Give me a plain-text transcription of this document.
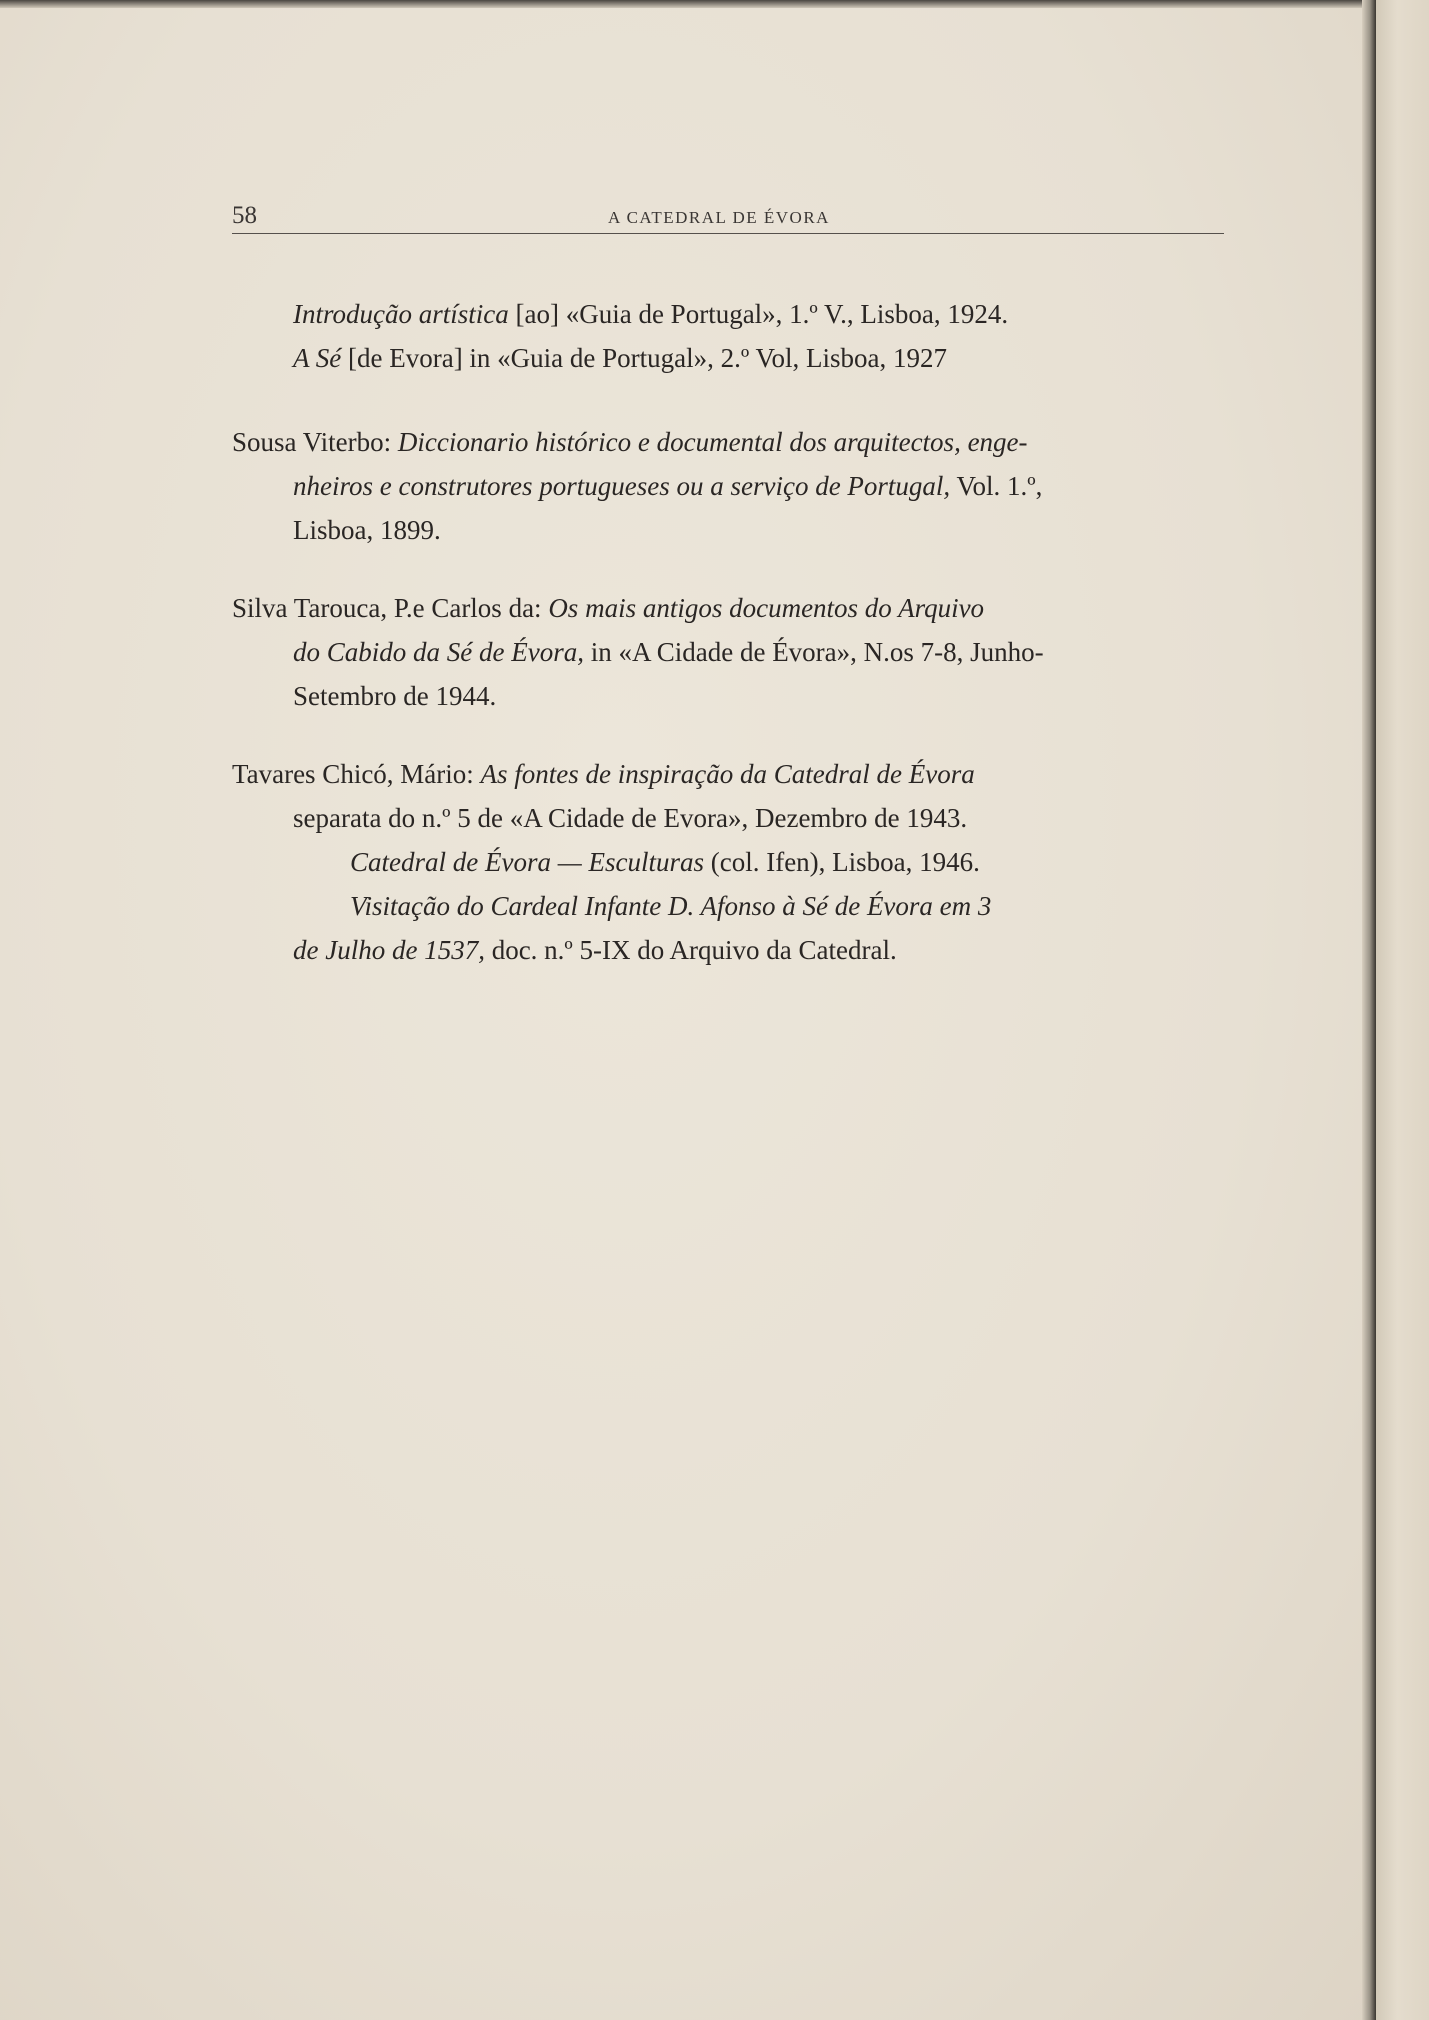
58	A CATEDRAL DE ÉVORA
Introdução artística [ao] «Guia de Portugal», 1.º V., Lisboa, 1924.
A Sé [de Evora] in «Guia de Portugal», 2.º Vol, Lisboa, 1927
Sousa Viterbo: Diccionario histórico e documental dos arquitectos, enge-
nheiros e construtores portugueses ou a serviço de Portugal, Vol. 1.º,
Lisboa, 1899.
Silva Tarouca, P.e Carlos da: Os mais antigos documentos do Arquivo
do Cabido da Sé de Évora, in «A Cidade de Évora», N.os 7-8, Junho-
Setembro de 1944.
Tavares Chicó, Mário: As fontes de inspiração da Catedral de Évora
separata do n.º 5 de «A Cidade de Evora», Dezembro de 1943.
Catedral de Évora — Esculturas (col. Ifen), Lisboa, 1946.
Visitação do Cardeal Infante D. Afonso à Sé de Évora em 3
de Julho de 1537, doc. n.º 5-IX do Arquivo da Catedral.
